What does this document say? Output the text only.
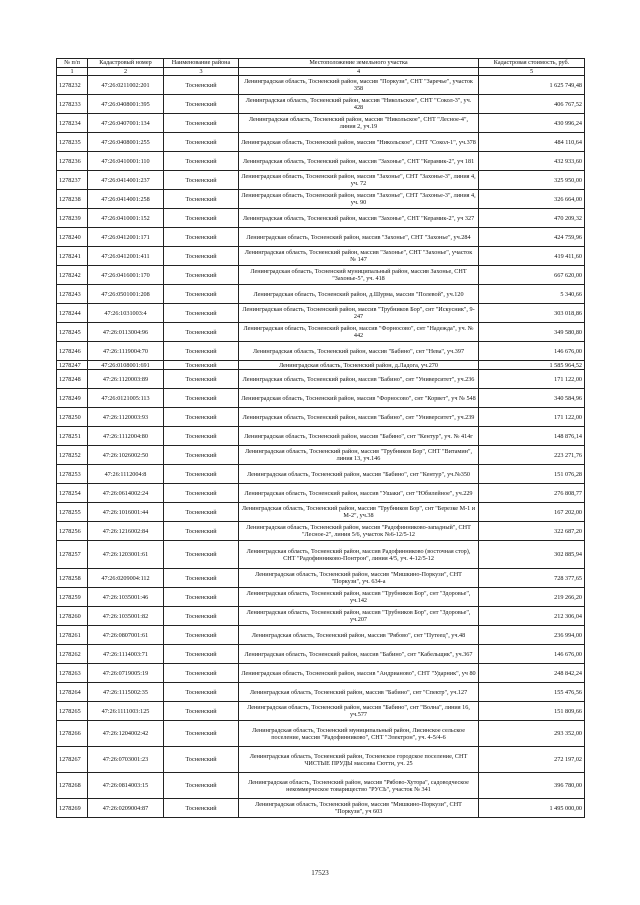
№ п/п	Кадастровый номер	Наименование района	Местоположение земельного участка	Кадастровая стоимость, руб.
1	2	3	4	5
1278232	47:26:0211002:201	Тосненский	Ленинградская область, Тосненский район, массив "Поркузи", СНТ "Заречье", участок 358	1 625 749,48
1278233	47:26:0408001:395	Тосненский	Ленинградская область, Тосненский район, массив "Никольское", СНТ "Сокол-3", уч. 428	406 767,52
1278234	47:26:0407001:134	Тосненский	Ленинградская область, Тосненский район, массив "Никольское", СНТ "Лесное-4", линия 2, уч.19	430 996,24
1278235	47:26:0408001:255	Тосненский	Ленинградская область, Тосненский район, массив "Никольское", СНТ "Сокол-1", уч.378	484 110,64
1278236	47:26:0410001:110	Тосненский	Ленинградская область, Тосненский район, массив "Захонье", СНТ "Керамик-2", уч 181	432 933,60
1278237	47:26:0414001:237	Тосненский	Ленинградская область, Тосненский район, массив "Захонье", СНТ "Захонье-3", линия 4, уч. 72	325 950,00
1278238	47:26:0414001:258	Тосненский	Ленинградская область, Тосненский район, массив "Захонье", СНТ "Захонье-3", линия 4, уч. 90	326 664,00
1278239	47:26:0410001:152	Тосненский	Ленинградская область, Тосненский район, массив "Захонье", СНТ "Керамик-2", уч 327	470 209,32
1278240	47:26:0412001:171	Тосненский	Ленинградская область, Тосненский район, массив "Захонье", СНТ "Захонье", уч.284	424 759,96
1278241	47:26:0412001:411	Тосненский	Ленинградская область, Тосненский район, массив "Захонье", СНТ "Захонье", участок № 147	419 411,60
1278242	47:26:0416001:170	Тосненский	Ленинградская область, Тосненский муниципальный район, массив Захонье, СНТ "Захонье-5", уч. 418	667 620,00
1278243	47:26:0501001:208	Тосненский	Ленинградская область, Тосненский район, д.Шурма, массив "Полевой", уч.120	5 340,66
1278244	47:26:1031003:4	Тосненский	Ленинградская область, Тосненский район, массив "Трубников Бор", снт "Искусник", 9-247	303 018,86
1278245	47:26:0113004:96	Тосненский	Ленинградская область, Тосненский район, массив "Форносово", снт "Надежда", уч. № 442	349 580,80
1278246	47:26:1119004:70	Тосненский	Ленинградская область, Тосненский район, массив "Бабино", снт "Нева", уч.397	146 676,00
1278247	47:26:0108001:691	Тосненский	Ленинградская область, Тосненский район, д.Ладога, уч.270	1 585 964,52
1278248	47:26:1120003:89	Тосненский	Ленинградская область, Тосненский район, массив "Бабино", снт "Университет", уч.236	171 122,00
1278249	47:26:0121005:113	Тосненский	Ленинградская область, Тосненский район, массив "Форносово", снт "Корвет", уч № 548	340 584,96
1278250	47:26:1120003:93	Тосненский	Ленинградская область, Тосненский район, массив "Бабино", снт "Университет", уч.239	171 122,00
1278251	47:26:1112004:80	Тосненский	Ленинградская область, Тосненский район, массив "Бабино", снт "Кентур", уч. № 414г	148 876,14
1278252	47:26:1026002:50	Тосненский	Ленинградская область, Тосненский район, массив "Трубников Бор", СНТ "Витамин", линия 13, уч.146	223 271,76
1278253	47:26:1112004:8	Тосненский	Ленинградская область, Тосненский район, массив "Бабино", снт "Кентур", уч.№350	151 076,28
1278254	47:26:0614002:24	Тосненский	Ленинградская область, Тосненский район, массив "Ушаки", снт "Юбилейное", уч.229	276 808,77
1278255	47:26:1016001:44	Тосненский	Ленинградская область, Тосненский район, массив "Трубников Бор", снт "Березке М-1 и М-2", уч.38	167 202,00
1278256	47:26:1216002:84	Тосненский	Ленинградская область, Тосненский район, массив "Радофинниково-западный", СНТ "Лесное-2", линия 5/6, участок №6-12/5-12	322 687,20
1278257	47:26:1203001:61	Тосненский	Ленинградская область, Тосненский район, массив Радофинниково (восточная стор), СНТ "Радофинниково-Понтрон", линия 4/5, уч. 4-12/5-12	302 885,94
1278258	47:26:0209004:112	Тосненский	Ленинградская область, Тосненский район, массив "Мишкино-Поркузи", СНТ "Поркузи", уч. 634-а	728 377,65
1278259	47:26:1035001:46	Тосненский	Ленинградская область, Тосненский район, массив "Трубников Бор", снт "Здоровье", уч.142	219 266,20
1278260	47:26:1035001:82	Тосненский	Ленинградская область, Тосненский район, массив "Трубников Бор", снт "Здоровье", уч.207	212 306,04
1278261	47:26:0807001:61	Тосненский	Ленинградская область, Тосненский район, массив "Рябово", снт "Путеец", уч.48	236 994,00
1278262	47:26:1114003:71	Тосненский	Ленинградская область, Тосненский район, массив "Бабино", снт "Кабельщик", уч.367	146 676,00
1278263	47:26:0719005:19	Тосненский	Ленинградская область, Тосненский район, массив "Андрианово", СНТ "Ударник", уч 80	248 842,24
1278264	47:26:1115002:35	Тосненский	Ленинградская область, Тосненский район, массив "Бабино", снт "Спектр", уч.127	155 476,56
1278265	47:26:1111003:125	Тосненский	Ленинградская область, Тосненский район, массив "Бабино", снт "Волна", линия 16, уч.577	151 809,66
1278266	47:26:1204002:42	Тосненский	Ленинградская область, Тосненский муниципальный район, Лисинское сельское поселение, массив "Радофинниково", СНТ "Электрон", уч. 4-5/4-6	293 352,00
1278267	47:26:0703001:23	Тосненский	Ленинградская область, Тосненский район, Тосненское городское поселение, СНТ ЧИСТЫЕ ПРУДЫ массива Сютти, уч. 25	272 197,02
1278268	47:26:0814003:15	Тосненский	Ленинградская область, Тосненский район, массив "Рябово-Хутора", садоводческое некоммерческое товарищество "РУСЬ", участок № 341	396 780,00
1278269	47:26:0209004:87	Тосненский	Ленинградская область, Тосненский район, массив "Мишкино-Поркузи", СНТ "Поркузи", уч 603	1 495 000,00
17523
